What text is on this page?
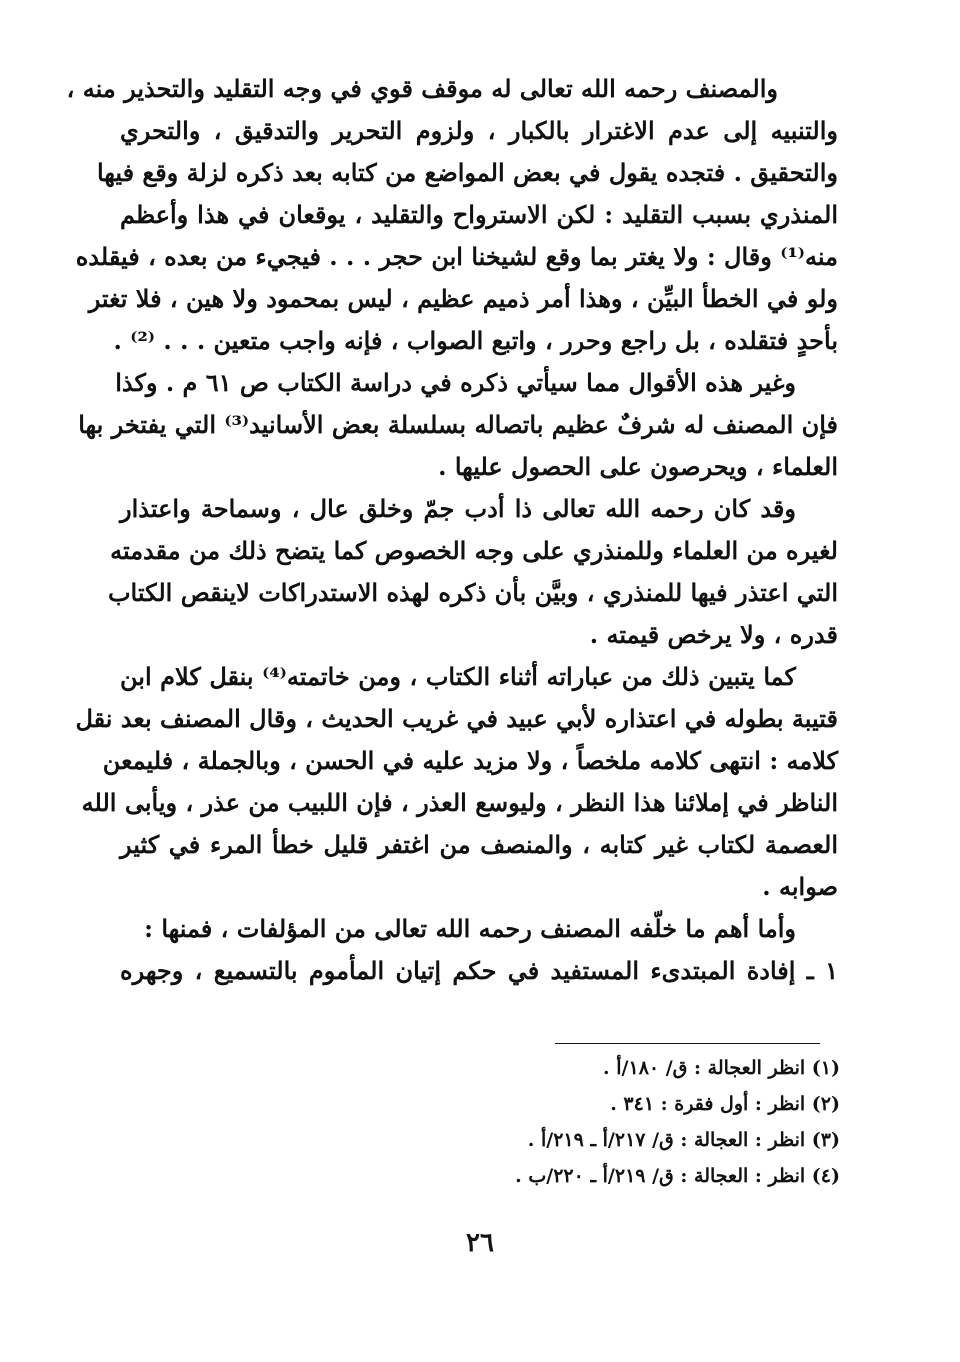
والمصنف رحمه الله تعالى له موقف قوي في وجه التقليد والتحذير منه ،
والتنبيه إلى عدم الاغترار بالكبار ، ولزوم التحرير والتدقيق ، والتحري
والتحقيق . فتجده يقول في بعض المواضع من كتابه بعد ذكره لزلة وقع فيها
المنذري بسبب التقليد : لكن الاسترواح والتقليد ، يوقعان في هذا وأعظم
منه⁽¹⁾ وقال : ولا يغتر بما وقع لشيخنا ابن حجر . . . فيجيء من بعده ، فيقلده
ولو في الخطأ البيِّن ، وهذا أمر ذميم عظيم ، ليس بمحمود ولا هين ، فلا تغتر
بأحدٍ فتقلده ، بل راجع وحرر ، واتبع الصواب ، فإنه واجب متعين . . . ⁽²⁾ .
وغير هذه الأقوال مما سيأتي ذكره في دراسة الكتاب ص ٦١ م . وكذا
فإن المصنف له شرفٌ عظيم باتصاله بسلسلة بعض الأسانيد⁽³⁾ التي يفتخر بها
العلماء ، ويحرصون على الحصول عليها .
وقد كان رحمه الله تعالى ذا أدب جمّ وخلق عال ، وسماحة واعتذار
لغيره من العلماء وللمنذري على وجه الخصوص كما يتضح ذلك من مقدمته
التي اعتذر فيها للمنذري ، وبيَّن بأن ذكره لهذه الاستدراكات لاينقص الكتاب
قدره ، ولا يرخص قيمته .
كما يتبين ذلك من عباراته أثناء الكتاب ، ومن خاتمته⁽⁴⁾ بنقل كلام ابن
قتيبة بطوله في اعتذاره لأبي عبيد في غريب الحديث ، وقال المصنف بعد نقل
كلامه : انتهى كلامه ملخصاً ، ولا مزيد عليه في الحسن ، وبالجملة ، فليمعن
الناظر في إملائنا هذا النظر ، وليوسع العذر ، فإن اللبيب من عذر ، ويأبى الله
العصمة لكتاب غير كتابه ، والمنصف من اغتفر قليل خطأ المرء في كثير
صوابه .
وأما أهم ما خلّفه المصنف رحمه الله تعالى من المؤلفات ، فمنها :
١ ـ إفادة المبتدىء المستفيد في حكم إتيان المأموم بالتسميع ، وجهره
(١) انظر العجالة : ق/ ١٨٠/أ .
(٢) انظر : أول فقرة : ٣٤١ .
(٣) انظر : العجالة : ق/ ٢١٧/أ ـ ٢١٩/أ .
(٤) انظر : العجالة : ق/ ٢١٩/أ ـ ٢٢٠/ب .
٢٦
